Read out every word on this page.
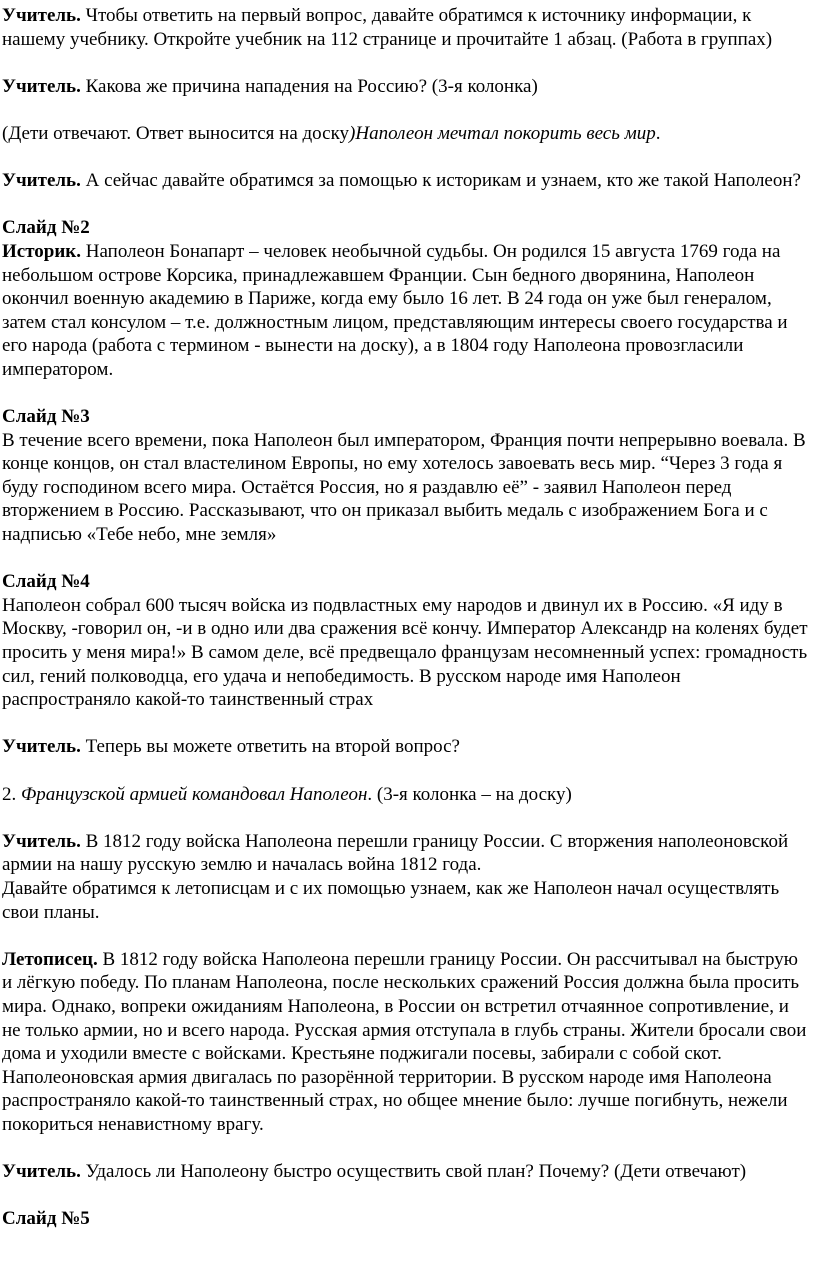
Учитель. Чтобы ответить на первый вопрос, давайте обратимся к источнику информации, к нашему учебнику. Откройте учебник на 112 странице и прочитайте 1 абзац. (Работа в группах)

Учитель. Какова же причина нападения на Россию? (3-я колонка)

(Дети отвечают. Ответ выносится на доску)Наполеон мечтал покорить весь мир.

Учитель. А сейчас давайте обратимся за помощью к историкам и узнаем, кто же такой Наполеон?

Слайд №2

Историк. Наполеон Бонапарт – человек необычной судьбы. Он родился 15 августа 1769 года на небольшом острове Корсика, принадлежавшем Франции. Сын бедного дворянина, Наполеон окончил военную академию в Париже, когда ему было 16 лет. В 24 года он уже был генералом, затем стал консулом – т.е. должностным лицом, представляющим интересы своего государства и его народа (работа с термином - вынести на доску), а в 1804 году Наполеона провозгласили императором.

Слайд №3

В течение всего времени, пока Наполеон был императором, Франция почти непрерывно воевала. В конце концов, он стал властелином Европы, но ему хотелось завоевать весь мир. “Через 3 года я буду господином всего мира. Остаётся Россия, но я раздавлю её” - заявил Наполеон перед вторжением в Россию. Рассказывают, что он приказал выбить медаль с изображением Бога и с надписью «Тебе небо, мне земля»

Слайд №4

Наполеон собрал 600 тысяч войска из подвластных ему народов и двинул их в Россию. «Я иду в Москву, -говорил он, -и в одно или два сражения всё кончу. Император Александр на коленях будет просить у меня мира!» В самом деле, всё предвещало французам несомненный успех: громадность сил, гений полководца, его удача и непобедимость. В русском народе имя Наполеон распространяло какой-то таинственный страх

Учитель. Теперь вы можете ответить на второй вопрос?

2. Французской армией командовал Наполеон. (3-я колонка – на доску)

Учитель. В 1812 году войска Наполеона перешли границу России. С вторжения наполеоновской армии на нашу русскую землю и началась война 1812 года.
Давайте обратимся к летописцам и с их помощью узнаем, как же Наполеон начал осуществлять свои планы.

Летописец. В 1812 году войска Наполеона перешли границу России. Он рассчитывал на быструю и лёгкую победу. По планам Наполеона, после нескольких сражений Россия должна была просить мира. Однако, вопреки ожиданиям Наполеона, в России он встретил отчаянное сопротивление, и не только армии, но и всего народа. Русская армия отступала в глубь страны. Жители бросали свои дома и уходили вместе с войсками. Крестьяне поджигали посевы, забирали с собой скот. Наполеоновская армия двигалась по разорённой территории. В русском народе имя Наполеона распространяло какой-то таинственный страх, но общее мнение было: лучше погибнуть, нежели покориться ненавистному врагу.

Учитель. Удалось ли Наполеону быстро осуществить свой план? Почему? (Дети отвечают)

Слайд №5
